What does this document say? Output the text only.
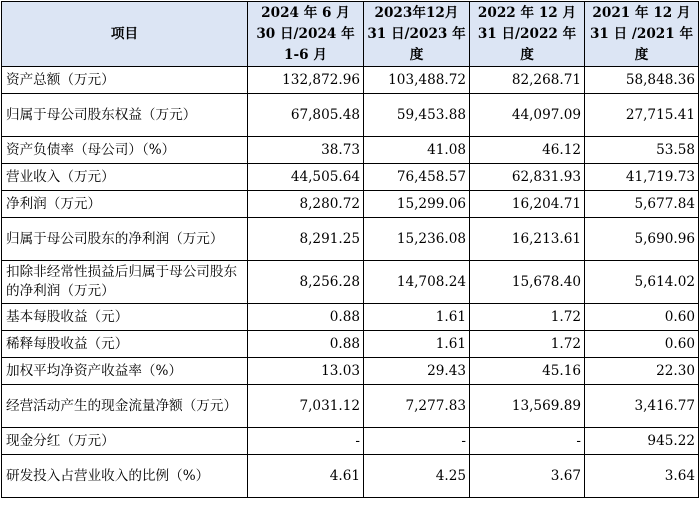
项目	2024 年 6 月 30 日/2024 年 1-6 月	2023年12月31 日/2023 年度	2022 年 12 月 31 日/2022 年度	2021 年 12 月 31 日 /2021 年度
资产总额（万元）	132,872.96	103,488.72	82,268.71	58,848.36
归属于母公司股东权益（万元）	67,805.48	59,453.88	44,097.09	27,715.41
资产负债率（母公司）（%）	38.73	41.08	46.12	53.58
营业收入（万元）	44,505.64	76,458.57	62,831.93	41,719.73
净利润（万元）	8,280.72	15,299.06	16,204.71	5,677.84
归属于母公司股东的净利润（万元）	8,291.25	15,236.08	16,213.61	5,690.96
扣除非经常性损益后归属于母公司股东的净利润（万元）	8,256.28	14,708.24	15,678.40	5,614.02
基本每股收益（元）	0.88	1.61	1.72	0.60
稀释每股收益（元）	0.88	1.61	1.72	0.60
加权平均净资产收益率（%）	13.03	29.43	45.16	22.30
经营活动产生的现金流量净额（万元）	7,031.12	7,277.83	13,569.89	3,416.77
现金分红（万元）	-	-	-	945.22
研发投入占营业收入的比例（%）	4.61	4.25	3.67	3.64
